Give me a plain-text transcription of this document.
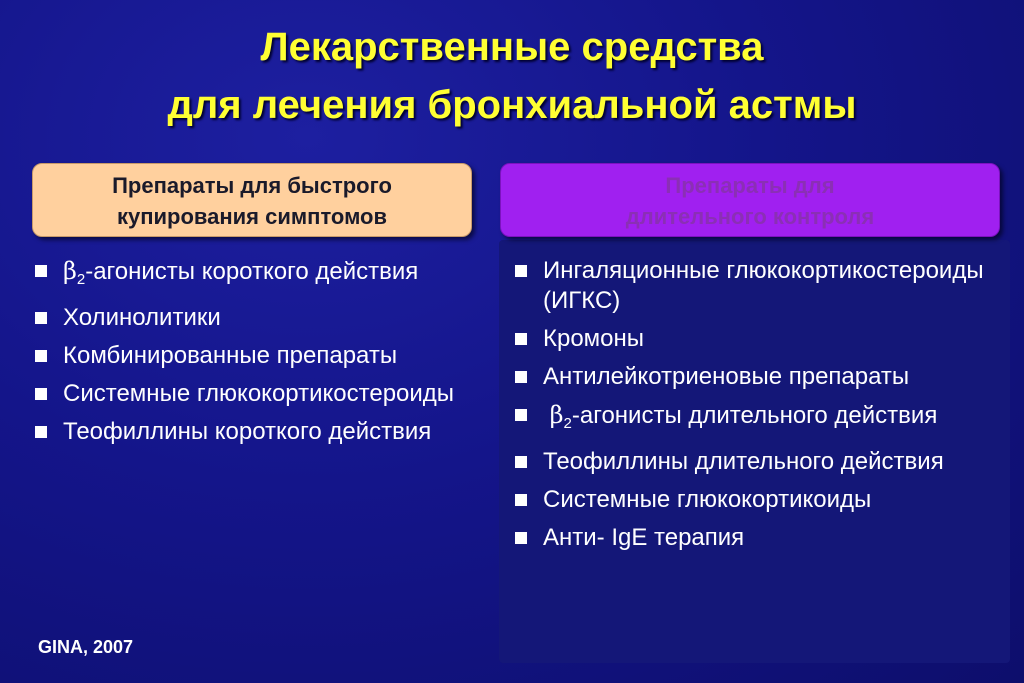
Лекарственные средства
для лечения бронхиальной астмы
Препараты для быстрого
купирования симптомов
Препараты для
длительного контроля
$\beta_2$-агонисты короткого действия
Холинолитики
Комбинированные препараты
Системные глюкокортикостероиды
Теофиллины короткого действия
Ингаляционные глюкокортикостероиды (ИГКС)
Кромоны
Антилейкотриеновые препараты
$\beta_2$-агонисты длительного действия
Теофиллины длительного действия
Системные глюкокортикоиды
Анти- IgE терапия
GINA, 2007
